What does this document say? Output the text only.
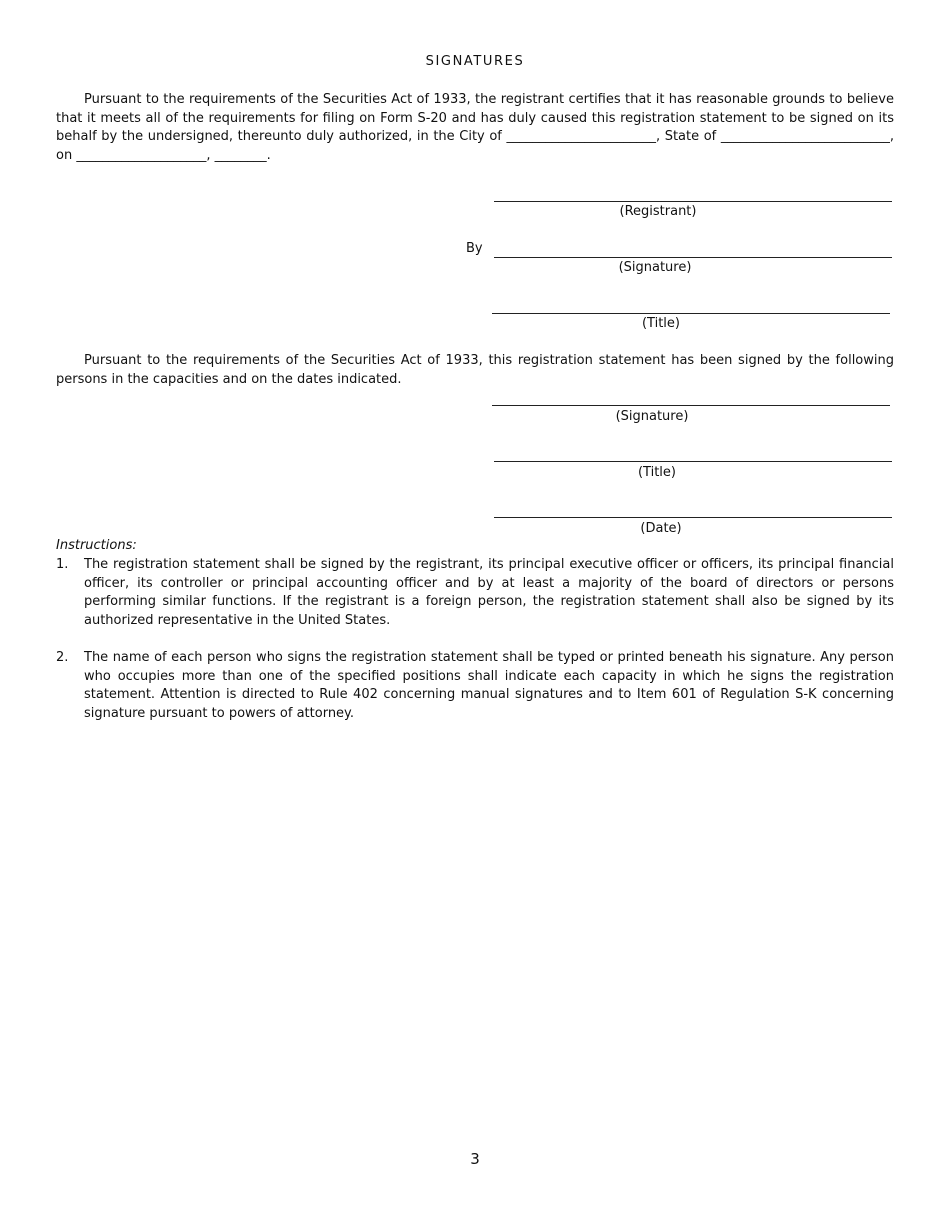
SIGNATURES

Pursuant to the requirements of the Securities Act of 1933, the registrant certifies that it has reasonable grounds to believe that it meets all of the requirements for filing on Form S-20 and has duly caused this registration statement to be signed on its behalf by the undersigned, thereunto duly authorized, in the City of _______________________, State of __________________________, on ____________________, ________.

(Registrant)
By
(Signature)
(Title)

Pursuant to the requirements of the Securities Act of 1933, this registration statement has been signed by the following persons in the capacities and on the dates indicated.

(Signature)
(Title)
(Date)
Instructions:
1. The registration statement shall be signed by the registrant, its principal executive officer or officers, its principal financial officer, its controller or principal accounting officer and by at least a majority of the board of directors or persons performing similar functions. If the registrant is a foreign person, the registration statement shall also be signed by its authorized representative in the United States.
2. The name of each person who signs the registration statement shall be typed or printed beneath his signature. Any person who occupies more than one of the specified positions shall indicate each capacity in which he signs the registration statement. Attention is directed to Rule 402 concerning manual signatures and to Item 601 of Regulation S-K concerning signature pursuant to powers of attorney.
3
